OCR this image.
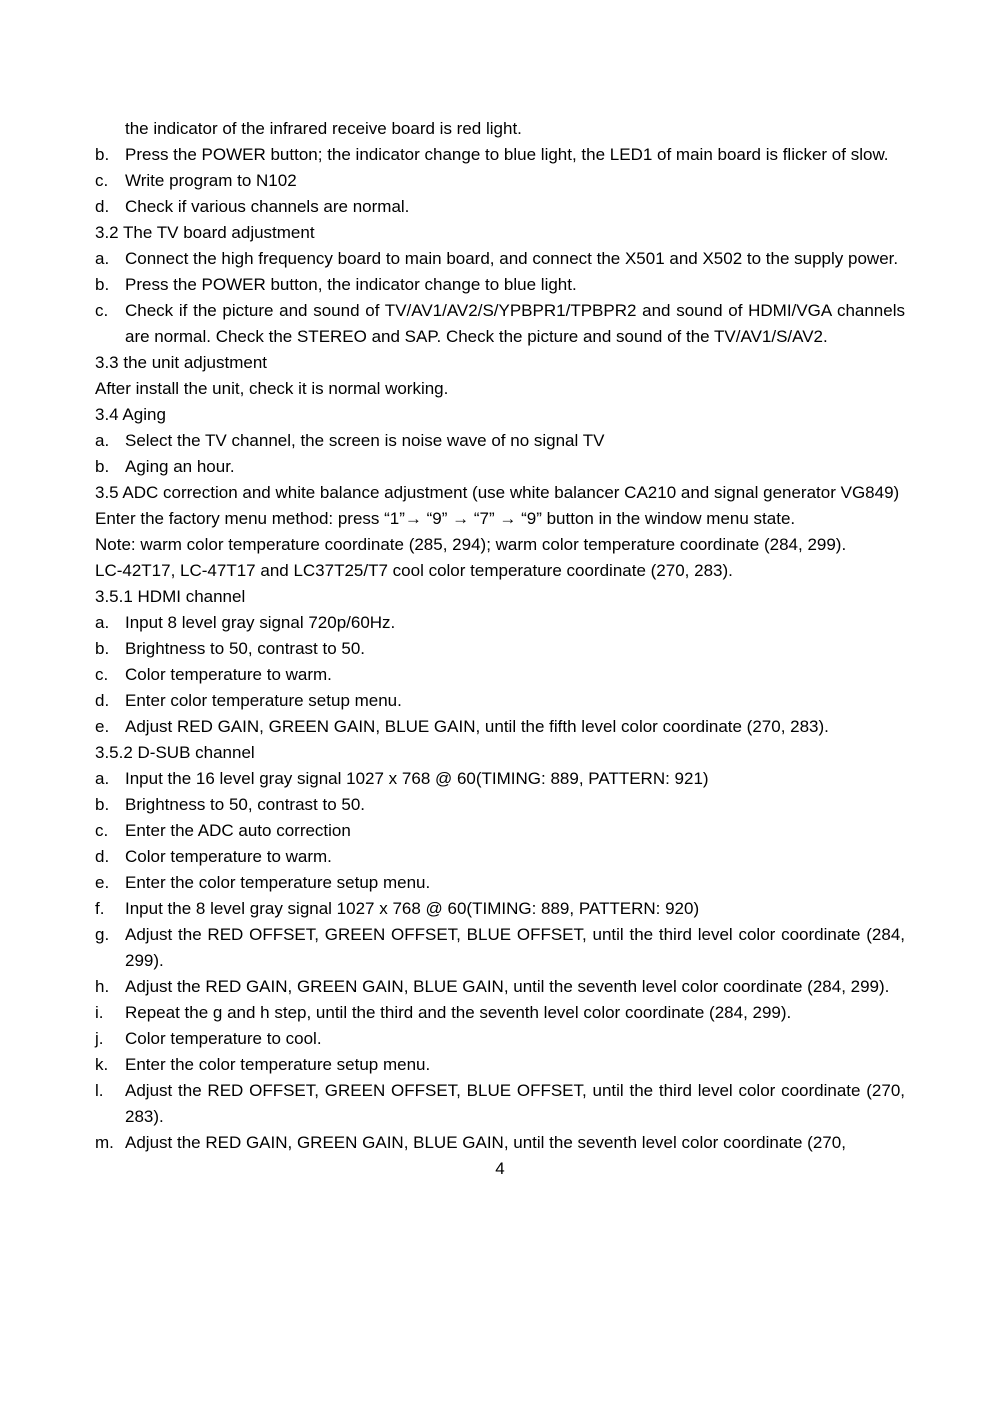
the indicator of the infrared receive board is red light.
b. Press the POWER button; the indicator change to blue light, the LED1 of main board is flicker of slow.
c. Write program to N102
d. Check if various channels are normal.
3.2 The TV board adjustment
a. Connect the high frequency board to main board, and connect the X501 and X502 to the supply power.
b. Press the POWER button, the indicator change to blue light.
c. Check if the picture and sound of TV/AV1/AV2/S/YPBPR1/TPBPR2 and sound of HDMI/VGA channels are normal. Check the STEREO and SAP. Check the picture and sound of the TV/AV1/S/AV2.
3.3 the unit adjustment
After install the unit, check it is normal working.
3.4 Aging
a. Select the TV channel, the screen is noise wave of no signal TV
b. Aging an hour.
3.5 ADC correction and white balance adjustment (use white balancer CA210 and signal generator VG849)
Enter the factory menu method: press “1”→ “9” → “7” → “9” button in the window menu state.
Note: warm color temperature coordinate (285, 294); warm color temperature coordinate (284, 299).
LC-42T17, LC-47T17 and LC37T25/T7 cool color temperature coordinate (270, 283).
3.5.1 HDMI channel
a. Input 8 level gray signal 720p/60Hz.
b. Brightness to 50, contrast to 50.
c. Color temperature to warm.
d. Enter color temperature setup menu.
e. Adjust RED GAIN, GREEN GAIN, BLUE GAIN, until the fifth level color coordinate (270, 283).
3.5.2 D-SUB channel
a. Input the 16 level gray signal 1027 x 768 @ 60(TIMING: 889, PATTERN: 921)
b. Brightness to 50, contrast to 50.
c. Enter the ADC auto correction
d. Color temperature to warm.
e. Enter the color temperature setup menu.
f.	Input the 8 level gray signal 1027 x 768 @ 60(TIMING: 889, PATTERN: 920)
g. Adjust the RED OFFSET, GREEN OFFSET, BLUE OFFSET, until the third level color coordinate (284, 299).
h. Adjust the RED GAIN, GREEN GAIN, BLUE GAIN, until the seventh level color coordinate (284, 299).
i.	Repeat the g and h step, until the third and the seventh level color coordinate (284, 299).
j.	Color temperature to cool.
k. Enter the color temperature setup menu.
l.	Adjust the RED OFFSET, GREEN OFFSET, BLUE OFFSET, until the third level color coordinate (270, 283).
m. Adjust the RED GAIN, GREEN GAIN, BLUE GAIN, until the seventh level color coordinate (270,
4
